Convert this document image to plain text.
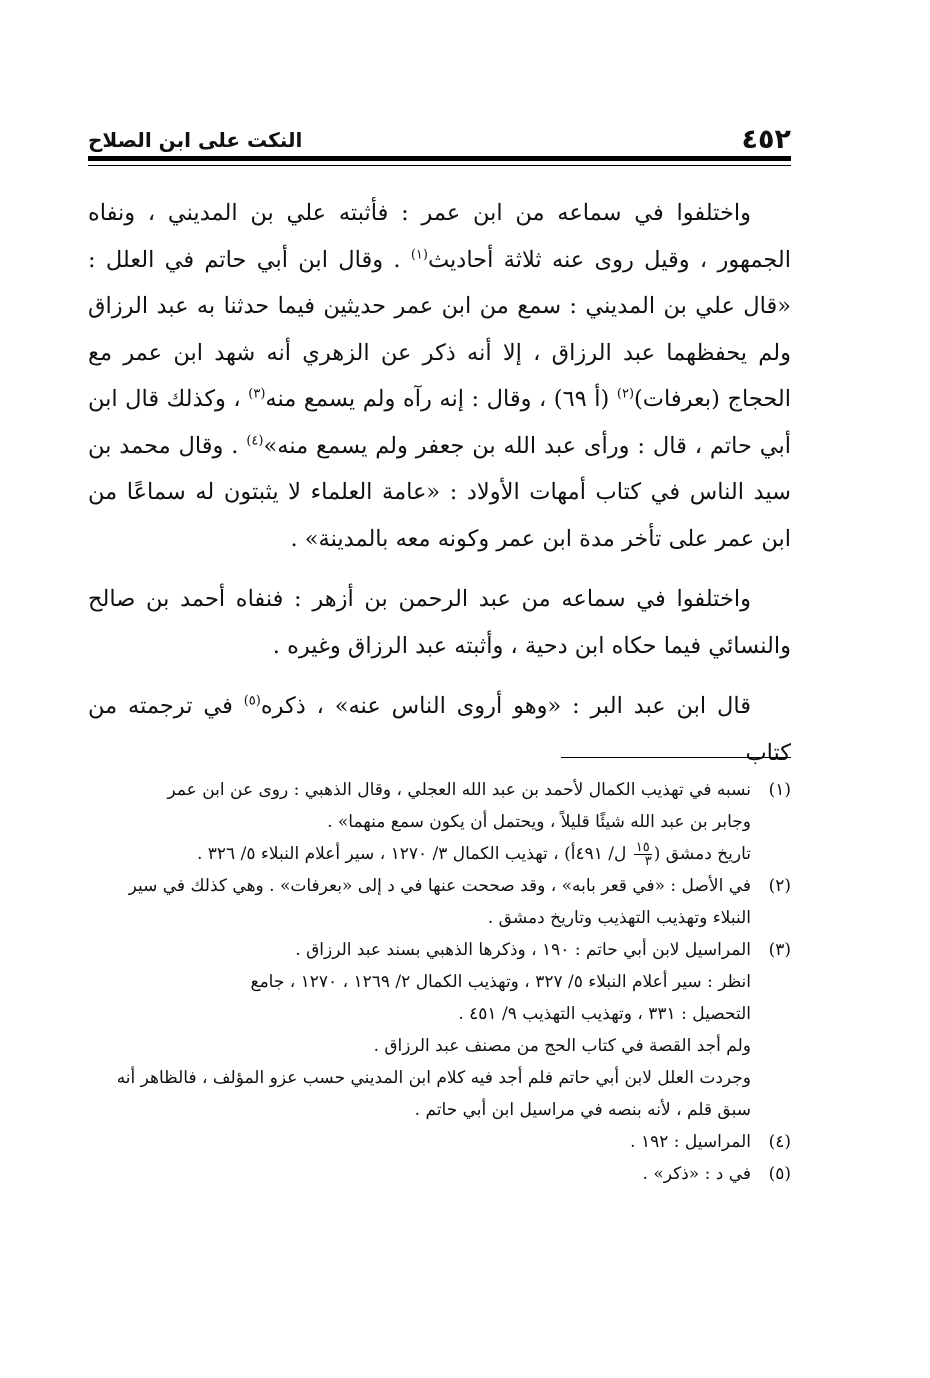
٤٥٢
النكت على ابن الصلاح

واختلفوا في سماعه من ابن عمر : فأثبته علي بن المديني ، ونفاه الجمهور ، وقيل روى عنه ثلاثة أحاديث$^{(١)}$ . وقال ابن أبي حاتم في العلل : «قال علي بن المديني : سمع من ابن عمر حديثين فيما حدثنا به عبد الرزاق ولم يحفظهما عبد الرزاق ، إلا أنه ذكر عن الزهري أنه شهد ابن عمر مع الحجاج (بعرفات)$^{(٢)}$ (أ ٦٩) ، وقال : إنه رآه ولم يسمع منه$^{(٣)}$ ، وكذلك قال ابن أبي حاتم ، قال : ورأى عبد الله بن جعفر ولم يسمع منه»$^{(٤)}$ . وقال محمد بن سيد الناس في كتاب أمهات الأولاد : «عامة العلماء لا يثبتون له سماعًا من ابن عمر على تأخر مدة ابن عمر وكونه معه بالمدينة» .

واختلفوا في سماعه من عبد الرحمن بن أزهر : فنفاه أحمد بن صالح والنسائي فيما حكاه ابن دحية ، وأثبته عبد الرزاق وغيره .

قال ابن عبد البر : «وهو أروى الناس عنه» ، ذكره$^{(٥)}$ في ترجمته من كتاب

(١)
نسبه في تهذيب الكمال لأحمد بن عبد الله العجلي ، وقال الذهبي : روى عن ابن عمر
وجابر بن عبد الله شيئًا قليلاً ، ويحتمل أن يكون سمع منهما» .
تاريخ دمشق (
$\frac{١٥}{٣}$
ل/ ٤٩١أ) ، تهذيب الكمال ٣/ ١٢٧٠ ، سير أعلام النبلاء ٥/ ٣٢٦ .
(٢)
في الأصل : «في قعر بابه» ، وقد صححت عنها في د إلى «بعرفات» . وهي كذلك في سير
النبلاء وتهذيب التهذيب وتاريخ دمشق .
(٣)
المراسيل لابن أبي حاتم : ١٩٠ ، وذكرها الذهبي بسند عبد الرزاق .
انظر : سير أعلام النبلاء ٥/ ٣٢٧ ، وتهذيب الكمال ٢/ ١٢٦٩ ، ١٢٧٠ ، جامع
التحصيل : ٣٣١ ، وتهذيب التهذيب ٩/ ٤٥١ .
ولم أجد القصة في كتاب الحج من مصنف عبد الرزاق .
وجردت العلل لابن أبي حاتم فلم أجد فيه كلام ابن المديني حسب عزو المؤلف ، فالظاهر أنه
سبق قلم ، لأنه بنصه في مراسيل ابن أبي حاتم .
(٤)
المراسيل : ١٩٢ .
(٥)
في د : «ذكر» .
